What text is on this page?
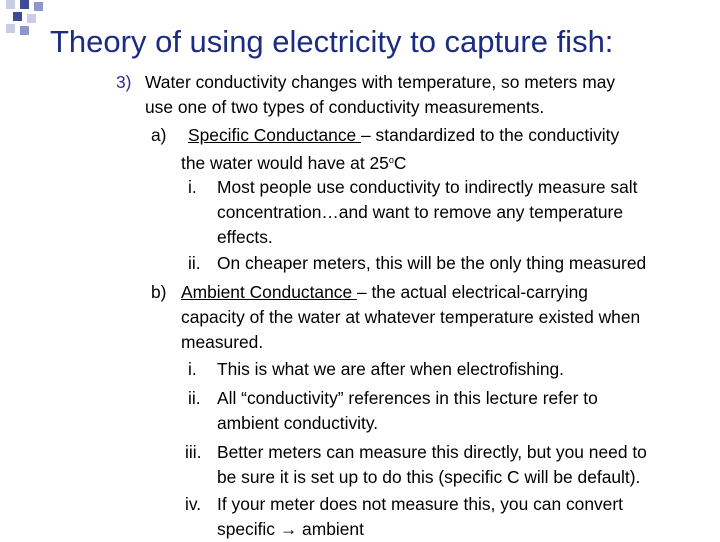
Theory of using electricity to capture fish:
3) Water conductivity changes with temperature, so meters may
use one of two types of conductivity measurements.
a)	Specific Conductance – standardized to the conductivity
the water would have at 25$^o$C
i.	Most people use conductivity to indirectly measure salt
concentration…and want to remove any temperature
effects.
ii. On cheaper meters, this will be the only thing measured
b) Ambient Conductance – the actual electrical-carrying
capacity of the water at whatever temperature existed when
measured.
i.	This is what we are after when electrofishing.
ii. All “conductivity” references in this lecture refer to
ambient conductivity.
iii. Better meters can measure this directly, but you need to
be sure it is set up to do this (specific C will be default).
iv. If your meter does not measure this, you can convert
specific → ambient
